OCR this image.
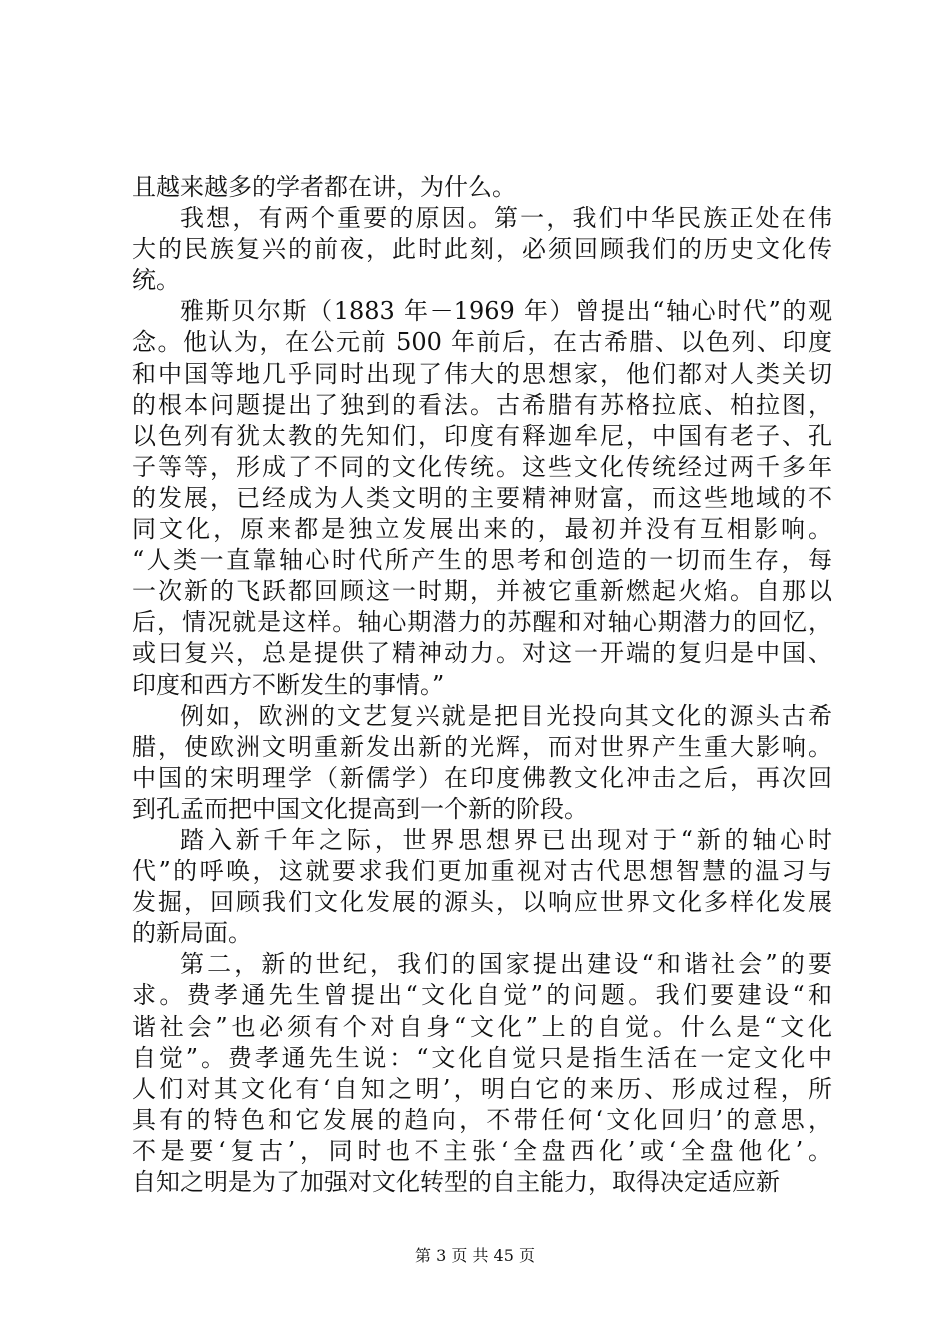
且越来越多的学者都在讲，为什么。
我想，有两个重要的原因。第一，我们中华民族正处在伟
大的民族复兴的前夜，此时此刻，必须回顾我们的历史文化传
统。
雅斯贝尔斯（1883 年－1969 年）曾提出“轴心时代”的观
念。他认为，在公元前 500 年前后，在古希腊、以色列、印度
和中国等地几乎同时出现了伟大的思想家，他们都对人类关切
的根本问题提出了独到的看法。古希腊有苏格拉底、柏拉图，
以色列有犹太教的先知们，印度有释迦牟尼，中国有老子、孔
子等等，形成了不同的文化传统。这些文化传统经过两千多年
的发展，已经成为人类文明的主要精神财富，而这些地域的不
同文化，原来都是独立发展出来的，最初并没有互相影响。
“人类一直靠轴心时代所产生的思考和创造的一切而生存，每
一次新的飞跃都回顾这一时期，并被它重新燃起火焰。自那以
后，情况就是这样。轴心期潜力的苏醒和对轴心期潜力的回忆，
或曰复兴，总是提供了精神动力。对这一开端的复归是中国、
印度和西方不断发生的事情。”
例如，欧洲的文艺复兴就是把目光投向其文化的源头古希
腊，使欧洲文明重新发出新的光辉，而对世界产生重大影响。
中国的宋明理学（新儒学）在印度佛教文化冲击之后，再次回
到孔孟而把中国文化提高到一个新的阶段。
踏入新千年之际，世界思想界已出现对于“新的轴心时
代”的呼唤，这就要求我们更加重视对古代思想智慧的温习与
发掘，回顾我们文化发展的源头，以响应世界文化多样化发展
的新局面。
第二，新的世纪，我们的国家提出建设“和谐社会”的要
求。费孝通先生曾提出“文化自觉”的问题。我们要建设“和
谐社会”也必须有个对自身“文化”上的自觉。什么是“文化
自觉”。费孝通先生说：“文化自觉只是指生活在一定文化中
人们对其文化有‘自知之明’，明白它的来历、形成过程，所
具有的特色和它发展的趋向，不带任何‘文化回归’的意思，
不是要‘复古’，同时也不主张‘全盘西化’或‘全盘他化’。
自知之明是为了加强对文化转型的自主能力，取得决定适应新
第 3 页 共 45 页
